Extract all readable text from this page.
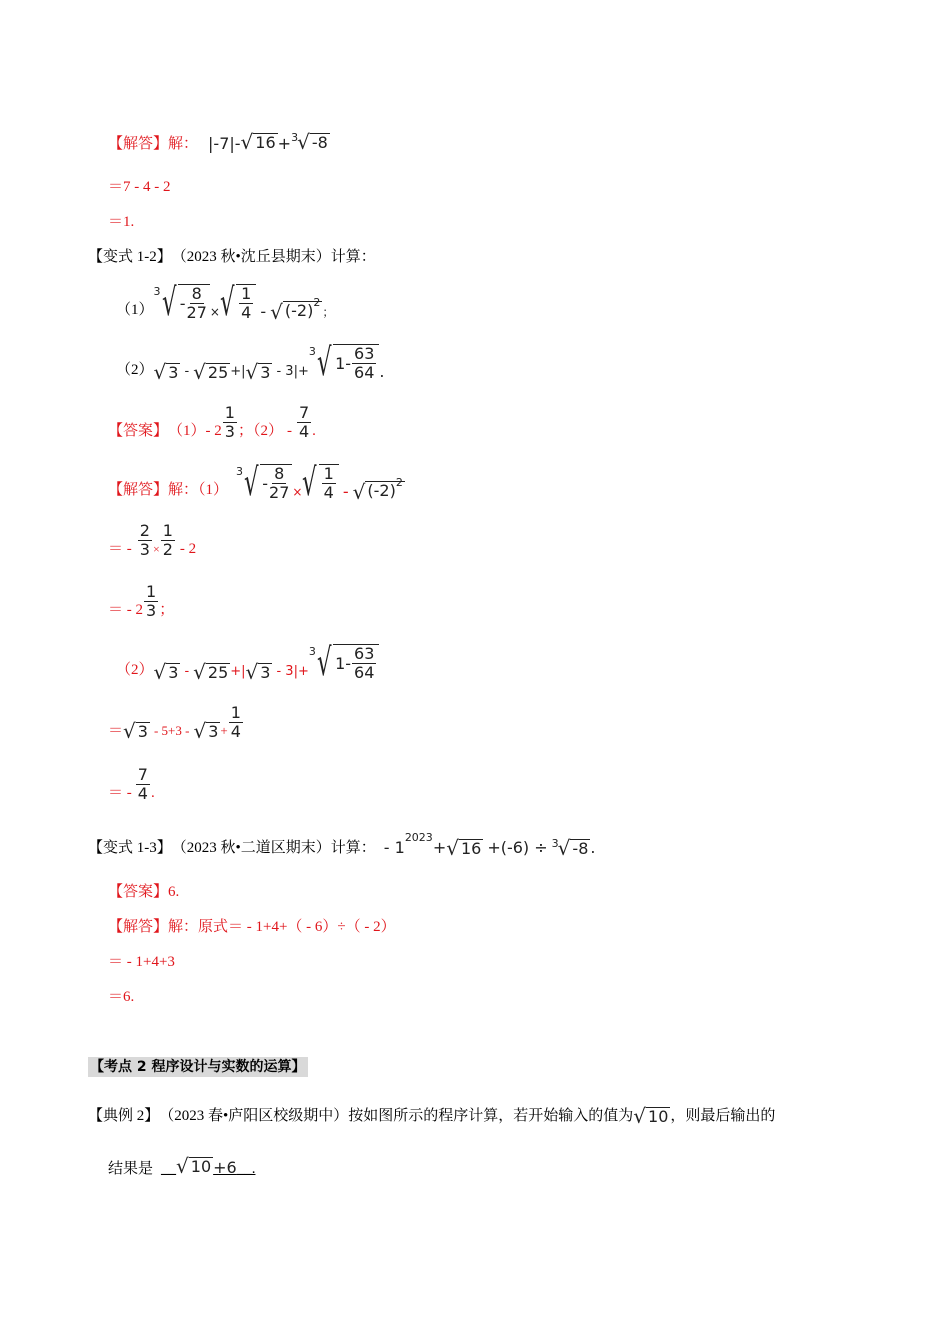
【解答】 解： |-7|- √ 16 + 3 √ -8
＝7 - 4 - 2
＝1.
【变式 1-2】 （2023 秋•沈丘县期末）计算：
（1）
3 √ - $\frac{8}{27}$ × √ $\frac{1}{4}$ - √ $(-2)^2$
；
（2） √ 3 - √ 25 +| √ 3 - 3|+
3 √ $1- \frac{63}{64}$ .
【答案】 $(1) - 2 \frac{1}{3}$ ；$(2) - \frac{7}{4}$ .
【解答】 解：（1）
3 √ - $\frac{8}{27}$ × √ $\frac{1}{4}$ - √ $(-2)^2$
＝ - $\frac{2}{3} \times \frac{1}{2} - 2$
＝ - $2 \frac{1}{3}$ ；
（2） √ 3 - √ 25 +| √ 3 - 3|+
3 √ $1- \frac{63}{64}$
＝ √ 3 - 5+3 - √ $3 + \frac{1}{4}$
＝ - $\frac{7}{4}$ .
【变式 1-3】 （2023 秋•二道区期末）计算： - 1
2023
+ √ 16 +(-6) ÷ 3 √ -8 .
【答案】6.
【解答】 解：原式＝ - 1+4+（ - 6）÷（ - 2）
＝ - 1+4+3
＝6.
【考点 2 程序设计与实数的运算】
【典例 2】 （2023 春•庐阳区校级期中）按如图所示的程序计算，若开始输入的值为 √ 10 ，则最后输出的
结果是 __ √ 10 +6__.
